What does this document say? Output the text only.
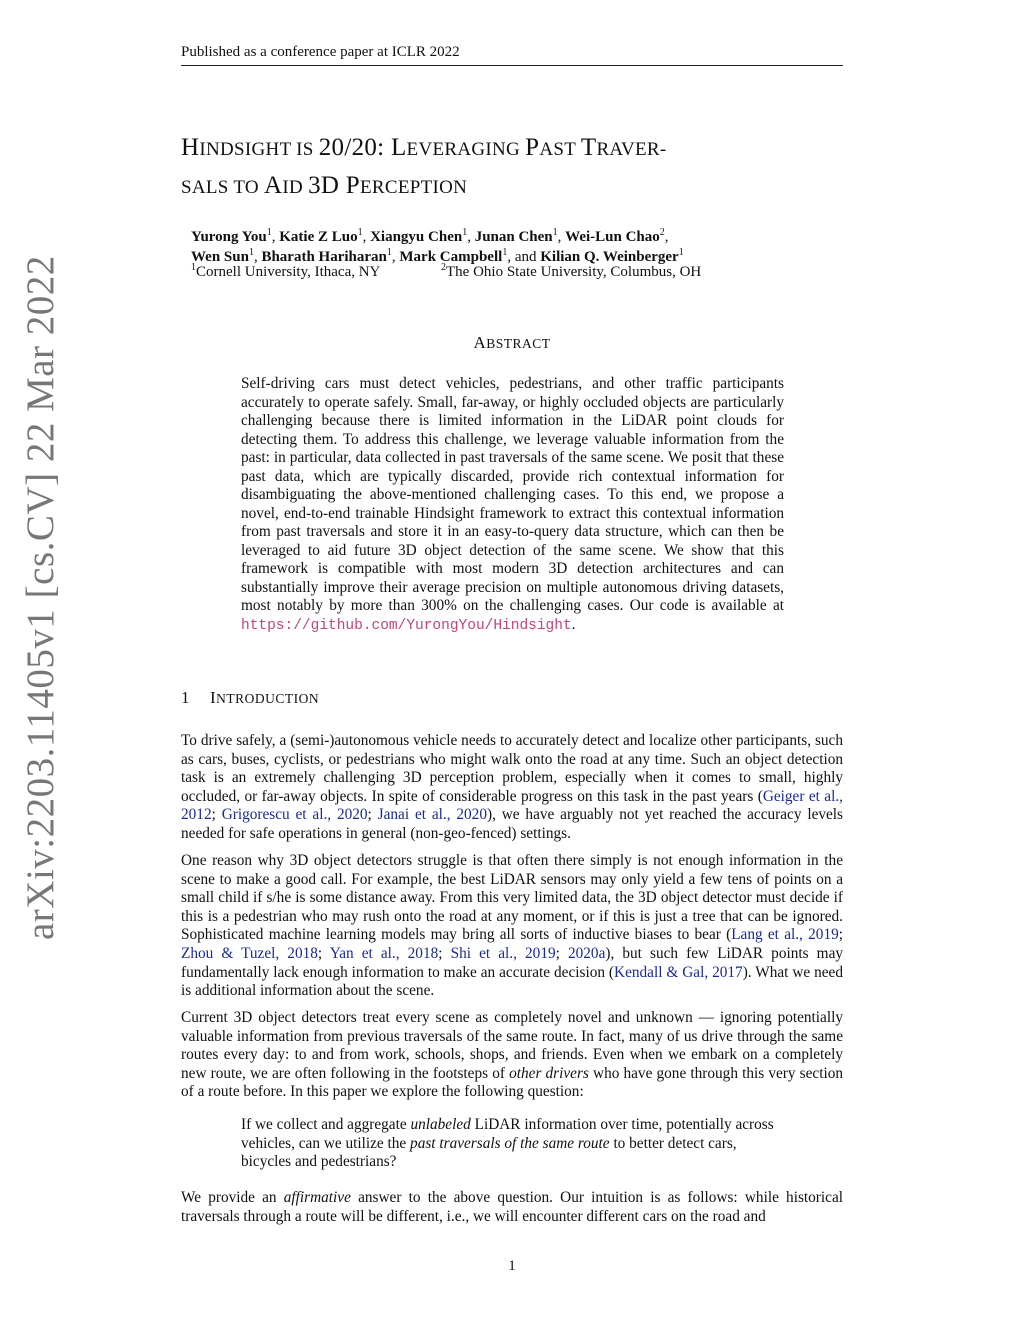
Published as a conference paper at ICLR 2022
HINDSIGHT IS 20/20: LEVERAGING PAST TRAVER-
SALS TO AID 3D PERCEPTION
Yurong You$^1$, Katie Z Luo$^1$, Xiangyu Chen$^1$, Junan Chen$^1$, Wei-Lun Chao$^2$,
Wen Sun$^1$, Bharath Hariharan$^1$, Mark Campbell$^1$, and Kilian Q. Weinberger$^1$
$^1$Cornell University, Ithaca, NY	$^2$The Ohio State University, Columbus, OH
ABSTRACT
Self-driving cars must detect vehicles, pedestrians, and other traffic participants accurately to operate safely. Small, far-away, or highly occluded objects are particularly challenging because there is limited information in the LiDAR point clouds for detecting them. To address this challenge, we leverage valuable information from the past: in particular, data collected in past traversals of the same scene. We posit that these past data, which are typically discarded, provide rich contextual information for disambiguating the above-mentioned challenging cases. To this end, we propose a novel, end-to-end trainable Hindsight framework to extract this contextual information from past traversals and store it in an easy-to-query data structure, which can then be leveraged to aid future 3D object detection of the same scene. We show that this framework is compatible with most modern 3D detection architectures and can substantially improve their average precision on multiple autonomous driving datasets, most notably by more than 300% on the challenging cases. Our code is available at https://github.com/YurongYou/Hindsight.
1 INTRODUCTION
To drive safely, a (semi-)autonomous vehicle needs to accurately detect and localize other participants, such as cars, buses, cyclists, or pedestrians who might walk onto the road at any time. Such an object detection task is an extremely challenging 3D perception problem, especially when it comes to small, highly occluded, or far-away objects. In spite of considerable progress on this task in the past years (Geiger et al., 2012; Grigorescu et al., 2020; Janai et al., 2020), we have arguably not yet reached the accuracy levels needed for safe operations in general (non-geo-fenced) settings.
One reason why 3D object detectors struggle is that often there simply is not enough information in the scene to make a good call. For example, the best LiDAR sensors may only yield a few tens of points on a small child if s/he is some distance away. From this very limited data, the 3D object detector must decide if this is a pedestrian who may rush onto the road at any moment, or if this is just a tree that can be ignored. Sophisticated machine learning models may bring all sorts of inductive biases to bear (Lang et al., 2019; Zhou & Tuzel, 2018; Yan et al., 2018; Shi et al., 2019; 2020a), but such few LiDAR points may fundamentally lack enough information to make an accurate decision (Kendall & Gal, 2017). What we need is additional information about the scene.
Current 3D object detectors treat every scene as completely novel and unknown — ignoring potentially valuable information from previous traversals of the same route. In fact, many of us drive through the same routes every day: to and from work, schools, shops, and friends. Even when we embark on a completely new route, we are often following in the footsteps of other drivers who have gone through this very section of a route before. In this paper we explore the following question:
If we collect and aggregate unlabeled LiDAR information over time, potentially across vehicles, can we utilize the past traversals of the same route to better detect cars, bicycles and pedestrians?
We provide an affirmative answer to the above question. Our intuition is as follows: while historical traversals through a route will be different, i.e., we will encounter different cars on the road and
arXiv:2203.11405v1 [cs.CV] 22 Mar 2022
1
